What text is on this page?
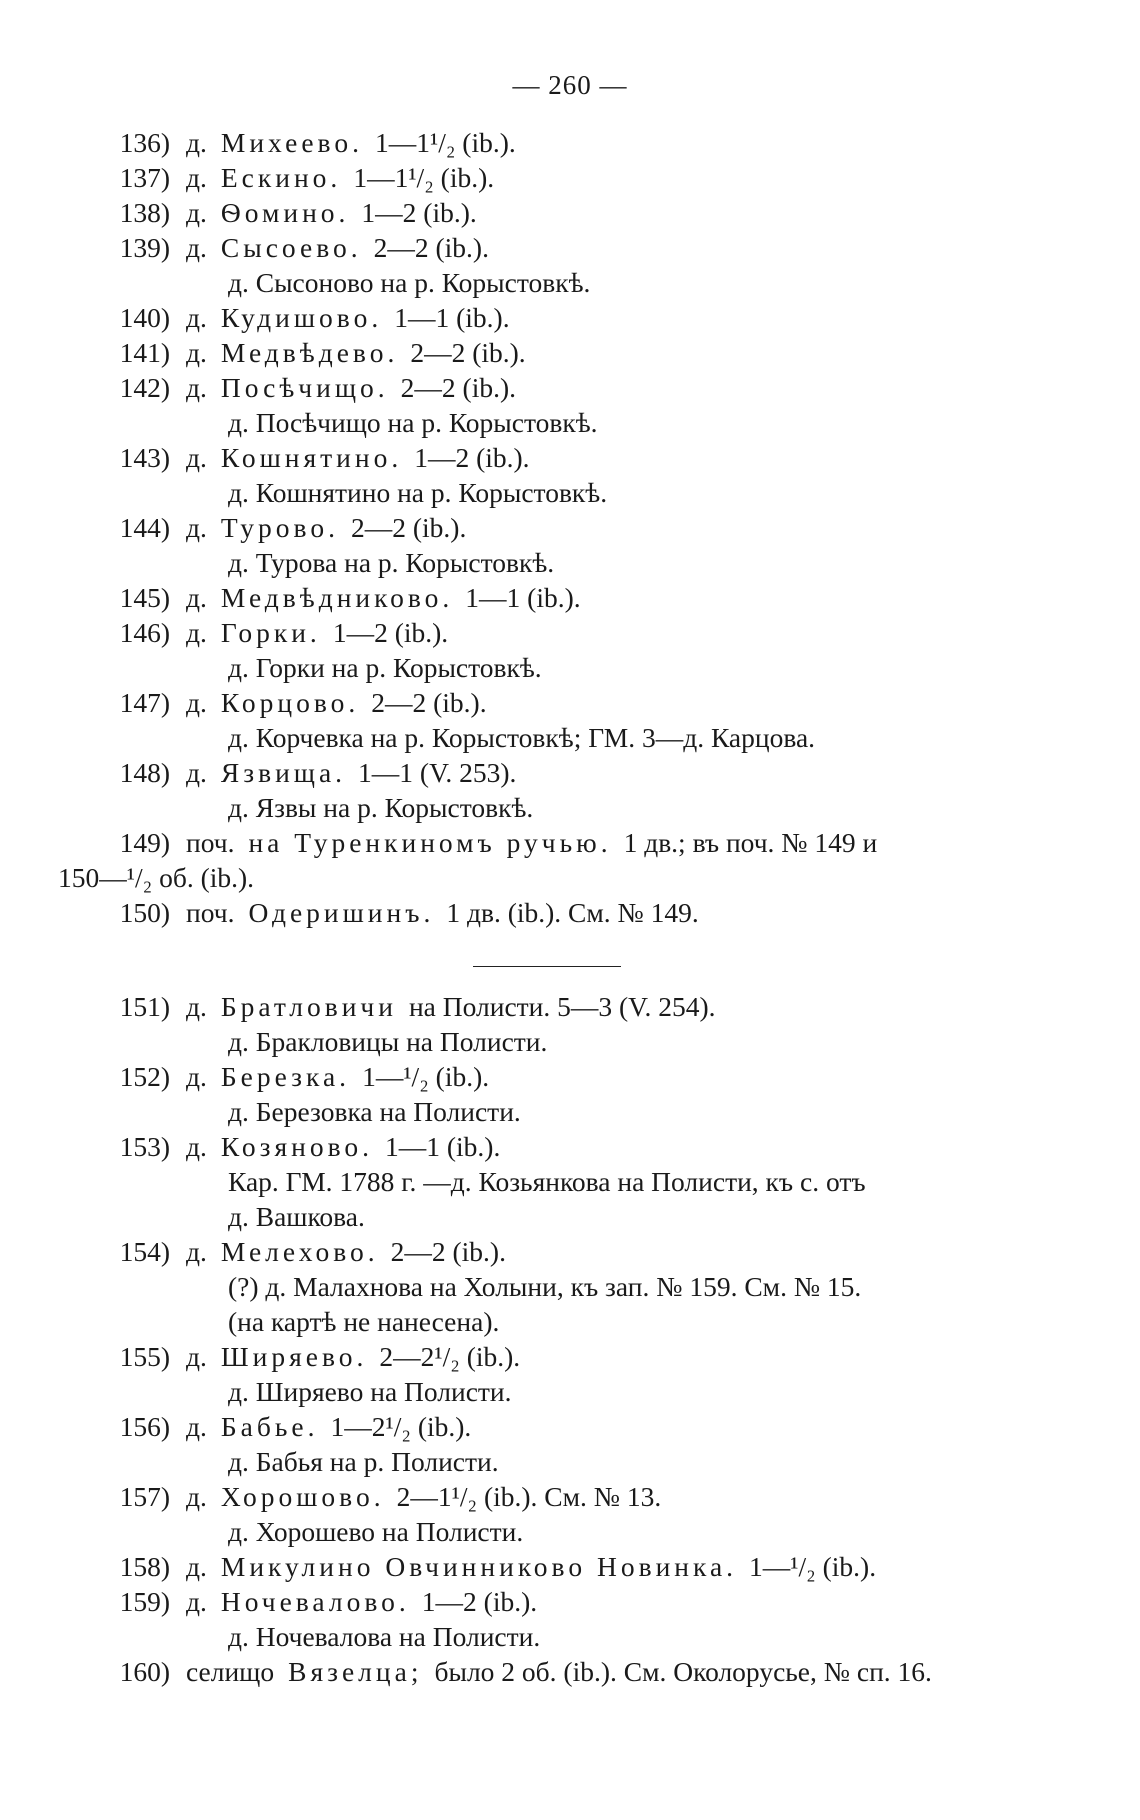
— 260 —
136) д. Михеево. 1—1¹/₂ (ib.).
137) д. Ескино. 1—1¹/₂ (ib.).
138) д. Ѳомино. 1—2 (ib.).
139) д. Сысоево. 2—2 (ib.).
д. Сысоново на р. Корыстовкѣ.
140) д. Кудишово. 1—1 (ib.).
141) д. Медвѣдево. 2—2 (ib.).
142) д. Посѣчищо. 2—2 (ib.).
д. Посѣчищо на р. Корыстовкѣ.
143) д. Кошнятино. 1—2 (ib.).
д. Кошнятино на р. Корыстовкѣ.
144) д. Турово. 2—2 (ib.).
д. Турова на р. Корыстовкѣ.
145) д. Медвѣдниково. 1—1 (ib.).
146) д. Горки. 1—2 (ib.).
д. Горки на р. Корыстовкѣ.
147) д. Корцово. 2—2 (ib.).
д. Корчевка на р. Корыстовкѣ; ГМ. 3—д. Карцова.
148) д. Язвища. 1—1 (V. 253).
д. Язвы на р. Корыстовкѣ.
149) поч. на Туренкиномъ ручью. 1 дв.; въ поч. № 149 и
150—¹/₂ об. (ib.).
150) поч. Одеришинъ. 1 дв. (ib.). См. № 149.
151) д. Братловичи на Полисти. 5—3 (V. 254).
д. Бракловицы на Полисти.
152) д. Березка. 1—¹/₂ (ib.).
д. Березовка на Полисти.
153) д. Козяново. 1—1 (ib.).
Кар. ГМ. 1788 г. —д. Козьянкова на Полисти, къ с. отъ
д. Вашкова.
154) д. Мелехово. 2—2 (ib.).
(?) д. Малахнова на Холыни, къ зап. № 159. См. № 15.
(на картѣ не нанесена).
155) д. Ширяево. 2—2¹/₂ (ib.).
д. Ширяево на Полисти.
156) д. Бабье. 1—2¹/₂ (ib.).
д. Бабья на р. Полисти.
157) д. Хорошово. 2—1¹/₂ (ib.). См. № 13.
д. Хорошево на Полисти.
158) д. Микулино Овчинниково Новинка. 1—¹/₂ (ib.).
159) д. Ночевалово. 1—2 (ib.).
д. Ночевалова на Полисти.
160) селищо Вязелца; было 2 об. (ib.). См. Околорусье, № сп. 16.
